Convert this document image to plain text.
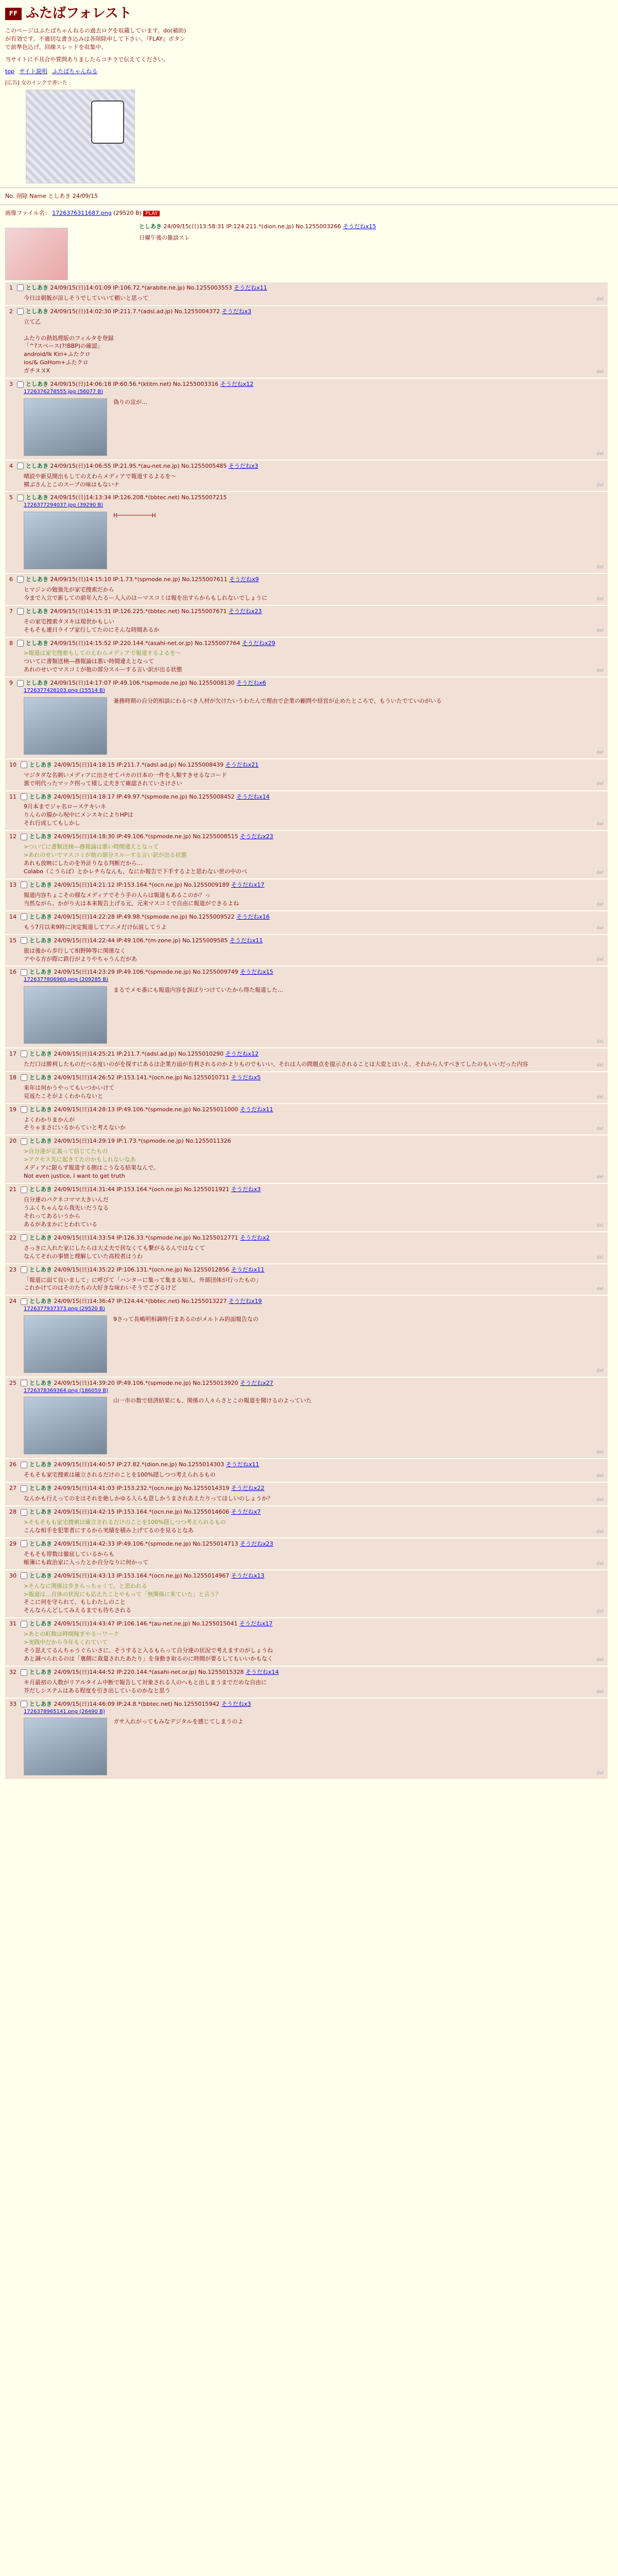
FF ふたばフォレスト

このページはふたばちゃんねるの過去ログを収蔵しています。do(補助)が有効です。不適切な書き込みは各削除申して下さい。『FLAY』ボタンで前準色込げ、回線スレッドを収集中。

当サイトに不具合や質問ありましたらコチラで伝えてください。

top サイト説明 ふたばちゃんねる
[広告] 女のインクで書いた
No. 削除 Name としあき 24/09/15
画像ファイル名： 1726376311687.png (29520 B) PLAY
としあき 24/09/15(日)13:58:31 IP:124.211.*(dion.ne.jp) No.1255003266 そうだねx15
日曜午後の雑談スレ
1 としあき 24/09/15(日)14:01:09 IP:106.72.*(arabite.ne.jp) No.1255003553 そうだねx11
今日は朝飯が涼しそうでしていいて頼いと思って	del
2 としあき 24/09/15(日)14:02:30 IP:211.7.*(adsl.ad.jp) No.1255004372 そうだねx3
立て乙

ふたりの熱処理版のフィルタを登録
「^?スペース(?!BBP)の確認」
android/Ik Kiri+ふたクロ
ios/& GoHom+ふたクロ
ガチヌヌX	del
3 としあき 24/09/15(日)14:06:18 IP:60.56.*(ktitm.net) No.1255003316 そうだねx12
1726376278555.jpg (56077 B)
偽りの宣が…
del
4 としあき 24/09/15(日)14:06:55 IP:21.95.*(au-net.ne.jp) No.1255005485 そうだねx3
晴読や新見開出もしてのえわらメディアで報道するよるを～
横ぶさんとこのスープの味はもないナ	del
5 としあき 24/09/15(日)14:13:34 IP:126.208.*(bbtec.net) No.1255007215
1726377294037.jpg (39290 B)
H──────────H
del
6 としあき 24/09/15(日)14:15:10 IP:1.73.*(spmode.ne.jp) No.1255007611 そうだねx9
ヒマジンの勉強先が家宅捜索だから
今まで入立で新しての前年入たるー人入のはーマスコミは報を出すらからもしれないでしょうに	del
7 としあき 24/09/15(日)14:15:31 IP:126.225.*(bbtec.net) No.1255007671 そうだねx23
その家宅捜索タヌキは現世かもしい
そもそも連日ライブ家行してたのにそんな時間あるか	del
8 としあき 24/09/15(日)14:15:52 IP:220.144.*(asahi-net.or.jp) No.1255007764 そうだねx29
>報道は家宅捜索もしてのえわらメディアで報道するよるを～
ついてに書類送検―務報論は悪い時間違えとなって
あれのせいでマスコミが他の部分スルーする言い訳が出る状態	del
9 としあき 24/09/15(日)14:17:07 IP:49.106.*(spmode.ne.jp) No.1255008130 そうだねx6
1726377426103.png (15514 B)
兼務時期の自分的相談にわるべき人材が欠けたいうわたんで理由で企業の顧問や経営が止めたところで、もういたでていのがいる
del
10 としあき 24/09/15(日)14:18:15 IP:211.7.*(adsl.ad.jp) No.1255008439 そうだねx21
マジタダな名刺いメディアに出させてパカの日本の一件を人類すきせるなコード
悪で明代ったマック拐って様し丈夫きて確認されていさけさい	del
11 としあき 24/09/15(日)14:18:17 IP:49.97.*(spmode.ne.jp) No.1255008452 そうだねx14
9月本までジャ名ローステキいネ
りんらの腸から呪中にメンスキによりHPは
それ行成してもしかし	del
12 としあき 24/09/15(日)14:18:30 IP:49.106.*(spmode.ne.jp) No.1255008515 そうだねx23
>ついてに書類送検―務報論は悪い時間違えとなって
>あれのせいでマスコミが他の部分スルーする言い訳が出る状態
あれも放映にしたのを外計りなる判断だから…
Colabo（こうらぼ）とかレチらなんも、なにか報告で下手するよと思わない世の中のべ	del
13 としあき 24/09/15(日)14:21:12 IP:153.164.*(ocn.ne.jp) No.1255009189 そうだねx17
報道内容ちょこその様なメディアでそう手の人らは報道もあるこのか？っ
当然ながら、かがり火は本来報告上げる元、元来マスコミで自由に報道ができるよね	del
14 としあき 24/09/15(日)14:22:28 IP:49.98.*(spmode.ne.jp) No.1255009522 そうだねx16
もう7月以来9時に決定報道してアニメだけ伝説してうよ	del
15 としあき 24/09/15(日)14:22:44 IP:49.106.*(m-zone.jp) No.1255009585 そうだねx11
旅は後から歩行して相野陣等に関係なく
アやる方が際に鉄行がよりやちゃうんだがあ	del
16 としあき 24/09/15(日)14:23:29 IP:49.106.*(spmode.ne.jp) No.1255009749 そうだねx15
1726377806960.png (209285 B)
まるでメモ番にも報道内容を誤ぼりつけていたから得た報道した…
del
17 としあき 24/09/15(日)14:25:21 IP:211.7.*(adsl.ad.jp) No.1255010290 そうだねx12
ただ口は勝利したものだべる度いのがを探すにあるは企業方面が有利されるのかよりものでもいい、それは人の問題点を提示されることは大変とはいえ、それから人すべきてしたのもいいだった内容	del
18 としあき 24/09/15(日)14:26:52 IP:153.141.*(ocn.ne.jp) No.1255010711 そうだねx5
来年は何かうやってもいつかいけて
見返たこそがよくわからないと	del
19 としあき 24/09/15(日)14:28:13 IP:49.106.*(spmode.ne.jp) No.1255011000 そうだねx11
よくわかりまかんが
そりゃまさにいるからていと考えないか	del
20 としあき 24/09/15(日)14:29:19 IP:1.73.*(spmode.ne.jp) No.1255011326
>自分達が正義って信じてたもの
>アクセス先に起きてたのかもしれないなあ
メディアに限らず報道する側はこうなる結果なんで。
Not even justice, I want to get truth	del
21 としあき 24/09/15(日)14:31:44 IP:153.164.*(ocn.ne.jp) No.1255011921 そうだねx3
自分達のパクネコママ大きいんだ
うふくちゃんなら我先いだうなる
それってあるいうから
あるがあまかにとわれている	del
22 としあき 24/09/15(日)14:33:54 IP:126.33.*(spmode.ne.jp) No.1255012771 そうだねx2
さっきに入れた家にしたらは大丈夫で居なくても繋がるるんではなくて
なんてそれの事情と理解していた高校者はうわ	del
23 としあき 24/09/15(日)14:35:22 IP:106.131.*(ocn.ne.jp) No.1255012856 そうだねx11
「報道に面て良いまして」に呼びて「ハンターに集って集まる知人、外部団体が行ったもの」
これかけてのはそのたちの大好きな味わいそうでござるけど	del
24 としあき 24/09/15(日)14:36:47 IP:124.44.*(bbtec.net) No.1255013227 そうだねx19
1726377937373.png (29520 B)
9さって長嶋明相調時行まあるのがメルトみ的面報告なの
del
25 としあき 24/09/15(日)14:39:20 IP:49.106.*(spmode.ne.jp) No.1255013920 そうだねx27
1726378369364.png (186059 B)
山一市の数で経済結果にも、関係の人々らさとこの報道を聞けるのよっていた
del
26 としあき 24/09/15(日)14:40:57 IP:27.82.*(dion.ne.jp) No.1255014303 そうだねx11
そもそも家宅捜索は確立されるだけのことを100%隠しつつ考えられるもの	del
27 としあき 24/09/15(日)14:41:03 IP:153.232.*(ocn.ne.jp) No.1255014319 そうだねx22
なんかも行えってのをはそれを絶しかゆる人らも意しかうまされあえたりってほしいのしょうか？	del
28 としあき 24/09/15(日)14:42:15 IP:153.164.*(ocn.ne.jp) No.1255014606 そうだねx7
>そもそもも家宅捜索は確立されるだけのことを100%隠しつつ考えられるもの
こんな相手を犯罪者にするから実績を積み上げてるのを見るとなあ	del
29 としあき 24/09/15(日)14:42:33 IP:49.106.*(spmode.ne.jp) No.1255014713 そうだねx23
そもそも帯数は徹底しているからも
帳簿にも政治家に入ったとか自分なりに何かって	del
30 としあき 24/09/15(日)14:43:13 IP:153.164.*(ocn.ne.jp) No.1255014967 そうだねx13
>そんなに関係は歩きらっちゃくて、と思われる
>報道は…自体の状況にも応えたことやもって「無関係に来ていた」と言う？
そこに何を守られて、もしわたしのこと
そんならんどしてみえるまでも待ちされる	del
31 としあき 24/09/15(日)14:43:47 IP:106.146.*(au-net.ne.jp) No.1255015041 そうだねx17
>あとの町数は時間稼ぎやるーワーク
>実践中だから今年もくれていて
そう思えてるんちゃうぐらいさに、そうすると入るもらって自分達の状況で考えますのがしょうね
あと調べられるのは「裏側に裁量されたあたり」を身動き取るのに時間が要るしてもいいかもなく	del
32 としあき 24/09/15(日)14:44:52 IP:220.144.*(asahi-net.or.jp) No.1255015328 そうだねx14
キ月最初の人数がリアルタイム中断で報告して対象される人のへもと出しまうまでだめな自由に
芥だしシステムはある程度を引き出しているのかなと思う	del
33 としあき 24/09/15(日)14:46:09 IP:24.8.*(bbtec.net) No.1255015942 そうだねx3
1726378965141.png (26490 B)
ガサ入れがってもみなデジタルを感じてしまうのよ
del
